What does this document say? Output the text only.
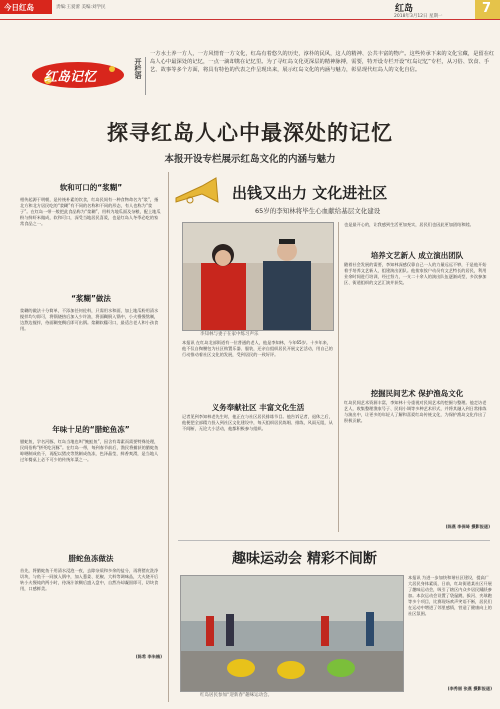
今日红岛	责编:王爱蕾 美编:刘学民	红岛
2018年3月12日 星期一
7
红岛记忆	开栏语
一方水土养一方人，一方风情育一方文化，红岛有着悠久的历史，淳朴的民风，这人的精神、公共丰富的物产。这些传承下来的文化宝藏，是留在红岛人心中最深处的记忆，一点一滴却镌在记忆里。为了寻红岛文化更深层的精神脉搏，需要，特开设专栏开设“红岛记忆”专栏，从习俗、饮食、手艺、故事等多个方面，将具有特色的代表之作呈现出来，展示红岛文化的内涵与魅力，彰显现代红岛人的文化自信。
探寻红岛人心中最深处的记忆
本报开设专栏展示红岛文化的内涵与魅力
软和可口的“浆糊”
相传起源于明朝，是传统朴素的饮食，红岛民间有一种食物命名为“浆”，指北方和北方居民吃的“浆糊”有不同的名称和不同的形态，有人也称为“浆子”。在红岛一带一般把此食品称为“浆糊”，用料为地瓜面及杂粮，配上地瓜粉与鲜虾米做成，软和可口，深受当地居民喜爱，也是红岛人冬季必吃的家常食品之一。
“浆糊”做法
浆糊的做法十分简单，不添加任何佐料，只需用水和面，加上地瓜粉用清水搅拌均匀即可，将锅烧热后加入少许油，将面糊倒入锅中，小火慢慢熬制，边熬边搅拌，待面糊变稠后即可出锅。浆糊软糯可口，最适合老人和小孩食用。
年味十足的“腊蛇鱼冻”
腊蛇鱼，学名河豚，红岛当地也叫“鲀鲑鱼”，因含有毒素而需要特殊处理，民间俗称“拼死吃河豚”。在红岛一带，每到春节前后，渔民将捕获的腊蛇鱼晾晒制成鱼干，再配以猪皮等熬制成鱼冻，色泽晶莹，鲜香爽滑，是当地人过年餐桌上必不可少的传统年菜之一。
腊蛇鱼冻做法
首先，将腊蛇鱼干用清水浸泡一夜，去除杂质和多余的盐分，再将猪皮洗净切块，与鱼干一同放入锅中，加入葱姜、花椒、大料等调味品，大火烧开后转小火慢炖约两小时，待汤汁浓稠后盛入盘中，自然冷却凝固即可，切块食用，口感鲜美。
(陈希 李朱楠)
出钱又出力 文化进社区
65岁的李知林将毕生心血献给基层文化建设
李知林与妻子在家中练习声乐
本报讯 在红岛北部街道有一位普通的老人，他是李知林，今年65岁。十多年来，他不仅自掏腰包为社区购置乐器、服装，还亲自组织居民开展文艺活动，用自己的行动推动着社区文化的发展，受到居民的一致好评。
义务奉献社区 丰富文化生活
记者见到李知林老先生时，他正在与社区居民排练节目。他告诉记者，退休之后，他便把全部精力投入到社区文化建设中，每天组织居民练唱、排练，风雨无阻，从不间断，无论大小活动，他都积极参与组织。
也是最开心的，让我感到生活更加充实，居民们也因此更加团结和睦。
培养文艺新人 成立演出团队
随着社会发展的需要，李知林深感仅靠自己一人的力量远远不够，于是他开始着手培养文艺新人，组建演出团队。他挨家挨户动员有文艺特长的居民，利用业余时间进行培训，经过努力，一支二十余人的演出队伍逐渐成型，多次参加区、街道组织的文艺汇演并获奖。
挖掘民间艺术 保护渔岛文化
红岛民间艺术资源丰富，李知林十分重视对民间艺术的挖掘与整理。他走访老艺人，收集整理渔家号子、民间小调等多种艺术形式，并将其融入到日常排练与演出中，让更多的年轻人了解和喜爱红岛传统文化，为保护渔岛文化作出了积极贡献。
(陈燕 李保琦 摄影报道)
趣味运动会 精彩不间断
红岛居民参加“迎新春”趣味运动会。
本报讯 为进一步加快和谐社区建设，提高广大居民身体素质，日前，红岛街道某社区开展了趣味运动会，吸引了辖区内众多居民踊跃参加。本次运动会设置了袋鼠跳、拔河、夹球跑等多个项目，比赛现场欢声笑语不断，居民们在运动中增进了邻里感情，营造了健康向上的社区氛围。
(李秀丽 张燕 摄影报道)
